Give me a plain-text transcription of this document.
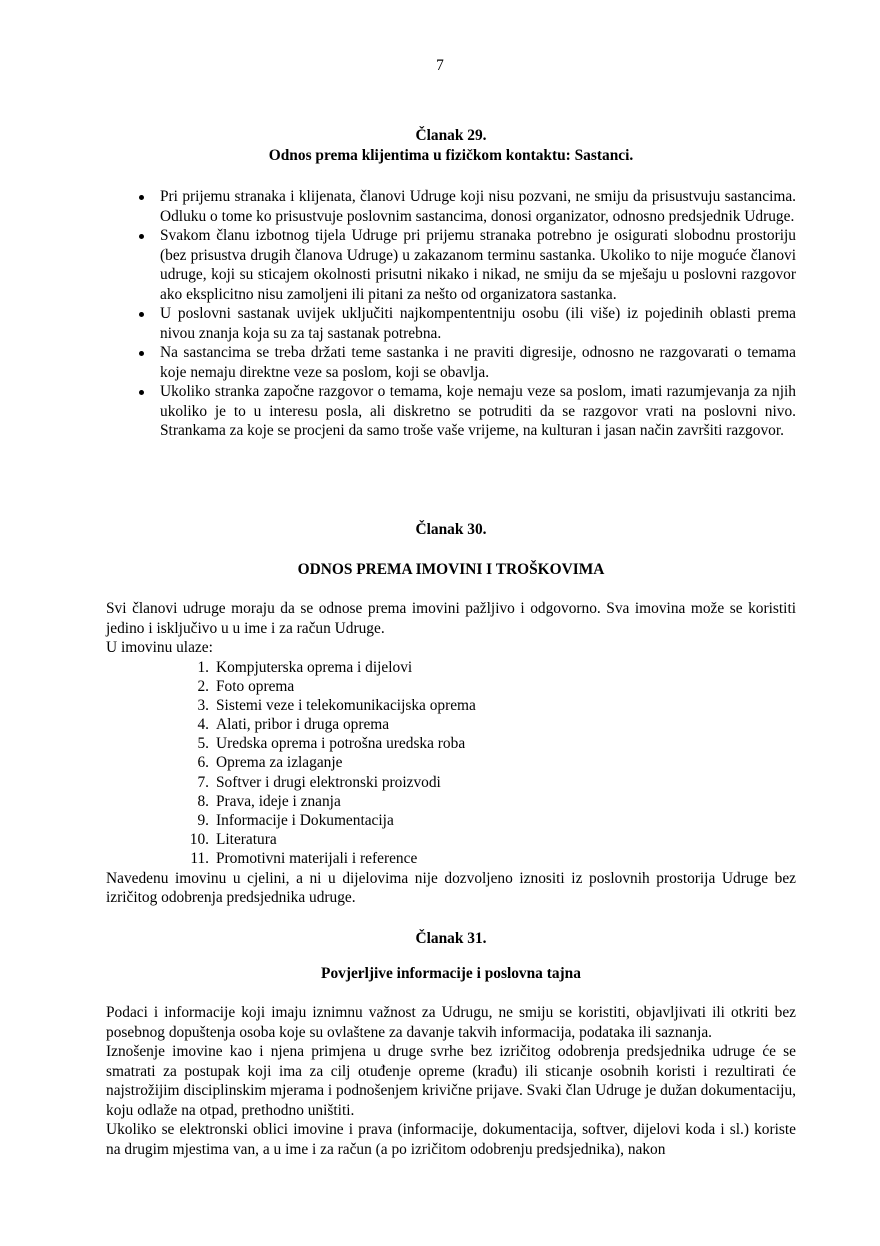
7
Članak 29.
Odnos prema klijentima u fizičkom kontaktu: Sastanci.
Pri prijemu stranaka i klijenata, članovi Udruge koji nisu pozvani, ne smiju da prisustvuju sastancima. Odluku o tome ko prisustvuje poslovnim sastancima, donosi organizator, odnosno predsjednik Udruge.
Svakom članu izbotnog tijela Udruge pri prijemu stranaka potrebno je osigurati slobodnu prostoriju (bez prisustva drugih članova Udruge) u zakazanom terminu sastanka. Ukoliko to nije moguće članovi udruge, koji su sticajem okolnosti prisutni nikako i nikad, ne smiju da se mješaju u poslovni razgovor ako eksplicitno nisu zamoljeni ili pitani za nešto od organizatora sastanka.
U poslovni sastanak uvijek uključiti najkompententniju osobu (ili više) iz pojedinih oblasti prema nivou znanja koja su za taj sastanak potrebna.
Na sastancima se treba držati teme sastanka i ne praviti digresije, odnosno ne razgovarati o temama koje nemaju direktne veze sa poslom, koji se obavlja.
Ukoliko stranka započne razgovor o temama, koje nemaju veze sa poslom, imati razumjevanja za njih ukoliko je to u interesu posla, ali diskretno se potruditi da se razgovor vrati na poslovni nivo. Strankama za koje se procjeni da samo troše vaše vrijeme, na kulturan i jasan način završiti razgovor.
Članak 30.
ODNOS PREMA IMOVINI I TROŠKOVIMA

Svi članovi udruge moraju da se odnose prema imovini pažljivo i odgovorno. Sva imovina može se koristiti jedino i isključivo u u ime i za račun Udruge.

U imovinu ulaze:

1. Kompjuterska oprema i dijelovi
2. Foto oprema
3. Sistemi veze i telekomunikacijska oprema
4. Alati, pribor i druga oprema
5. Uredska oprema i potrošna uredska roba
6. Oprema za izlaganje
7. Softver i drugi elektronski proizvodi
8. Prava, ideje i znanja
9. Informacije i Dokumentacija
10. Literatura
11. Promotivni materijali i reference

Navedenu imovinu u cjelini, a ni u dijelovima nije dozvoljeno iznositi iz poslovnih prostorija Udruge bez izričitog odobrenja predsjednika udruge.

Članak 31.
Povjerljive informacije i poslovna tajna

Podaci i informacije koji imaju iznimnu važnost za Udrugu, ne smiju se koristiti, objavljivati ili otkriti bez posebnog dopuštenja osoba koje su ovlaštene za davanje takvih informacija, podataka ili saznanja.

Iznošenje imovine kao i njena primjena u druge svrhe bez izričitog odobrenja predsjednika udruge će se smatrati za postupak koji ima za cilj otuđenje opreme (krađu) ili sticanje osobnih koristi i rezultirati će najstrožijim disciplinskim mjerama i podnošenjem krivične prijave. Svaki član Udruge je dužan dokumentaciju, koju odlaže na otpad, prethodno uništiti.

Ukoliko se elektronski oblici imovine i prava (informacije, dokumentacija, softver, dijelovi koda i sl.) koriste na drugim mjestima van, a u ime i za račun (a po izričitom odobrenju predsjednika), nakon
